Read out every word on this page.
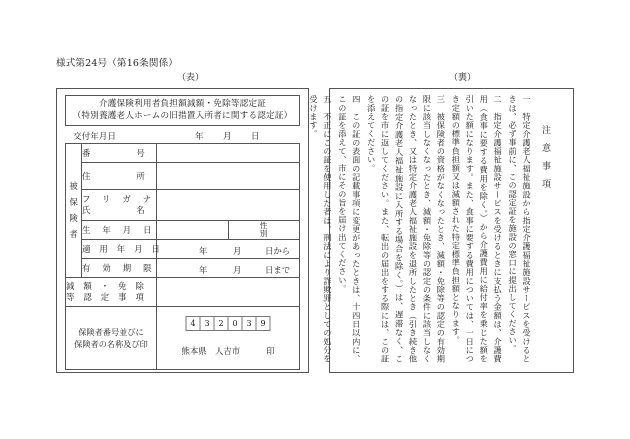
様式第24号（第16条関係）
（表）	（裏）
介護保険利用者負担額減額・免除等認定証
（特別養護老人ホームの旧措置入所者に関する認定証）
交付年月日	年 月 日
被
保
険
者	番号		

	住所		

	フリガナ
氏名		

	生年月日		性
別

	適用年月日	年 月 日から	

	有効期限	年 月 日まで	

減額・免除
等認定事項			

保険者番号並びに
保険者の名称及び印

4	3	2	0	3	9
熊本県　人吉市	印
注意事項
一　特定介護老人福祉施設から指定介護福祉施設サービスを受けるときは、必ず事前に、この認定証を施設の窓口に提出してください。
二　指定介護福祉施設サービスを受けるときに支払う金額は、介護費用（食事に要する費用を除く。）から介護費用に給付率を乗じた額を引いた額になります。また、食事に要する費用については、一日につき定額の標準負担額又は減額された特定標準負担額となります。
三　被保険者の資格がなくなったとき、減額・免除等の認定の有効期限に該当しなくなったとき、減額・免除等の認定の条件に該当しなくなったとき、又は特定介護老人福祉施設を退所したとき（引き続き他の指定介護老人福祉施設に入所する場合を除く。）は、遅滞なく、この証を市に返してください。また、転出の届出をする際には、この証を添えてください。
四　この証の表面の記載事項に変更があったときは、十四日以内に、この証を添えて、市にその旨を届け出てください。
五　不正にこの証を使用した者は、刑法により詐欺罪としての処分を受けます。
